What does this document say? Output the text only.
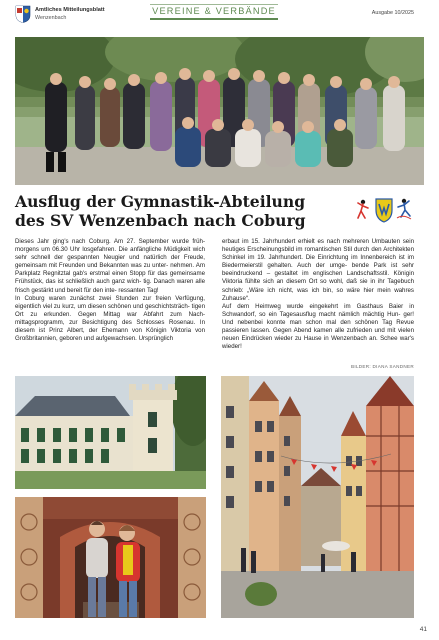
Amtliches Mitteilungsblatt
Wenzenbach
VEREINE & VERBÄNDE	Ausgabe 10/2025
Ausflug der Gymnastik-Abteilung
des SV Wenzenbach nach Coburg

Dieses Jahr ging's nach Coburg. Am 27. September wurde früh- morgens um 06.30 Uhr losgefahren. Die anfängliche Müdigkeit wich sehr schnell der gespannten Neugier und natürlich der Freude, gemeinsam mit Freunden und Bekannten was zu unter- nehmen. Am Parkplatz Regnitztal gab's erstmal einen Stopp für das gemeinsame Frühstück, das ist schließlich auch ganz wich- tig. Danach waren alle frisch gestärkt und bereit für den inte- ressanten Tag!

In Coburg waren zunächst zwei Stunden zur freien Verfügung, eigentlich viel zu kurz, um diesen schönen und geschichtsträch- tigen Ort zu erkunden. Gegen Mittag war Abfahrt zum Nach- mittagsprogramm, zur Besichtigung des Schlosses Rosenau. In diesem ist Prinz Albert, der Ehemann von Königin Viktoria von Großbritannien, geboren und aufgewachsen. Ursprünglich

erbaut im 15. Jahrhundert erhielt es nach mehreren Umbauten sein heutiges Erscheinungsbild im romantischen Stil durch den Architekten Schinkel im 19. Jahrhundert. Die Einrichtung im Innenbereich ist im Biedermeierstil gehalten. Auch der umge- bende Park ist sehr beeindruckend – gestaltet im englischen Landschaftsstil. Königin Viktoria fühlte sich an diesem Ort so wohl, daß sie in ihr Tagebuch schrieb: „Wäre ich nicht, was ich bin, so wäre hier mein wahres Zuhause“.

Auf dem Heimweg wurde eingekehrt im Gasthaus Baier in Schwandorf, so ein Tagesausflug macht nämlich mächtig Hun- ger! Und nebenbei konnte man schon mal den schönen Tag Revue passieren lassen. Gegen Abend kamen alle zufrieden und mit vielen neuen Eindrücken wieder zu Hause in Wenzenbach an. Schee war's wieder!

BILDER: DIANA SANDNER
41
